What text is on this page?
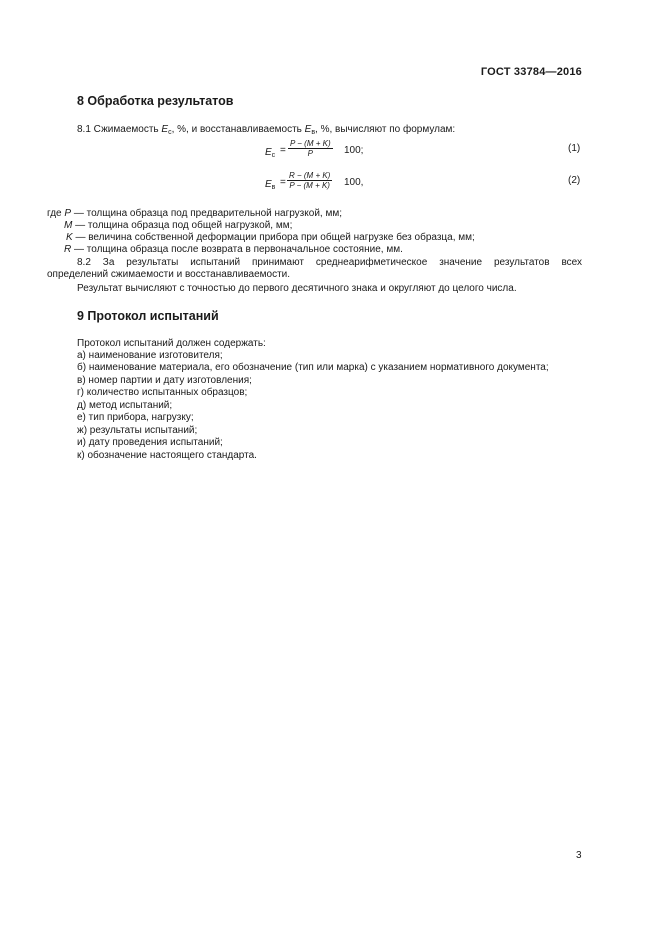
ГОСТ 33784—2016
8 Обработка результатов
8.1 Сжимаемость $E_c$, %, и восстанавливаемость $E_в$, %, вычисляют по формулам:
$E_c = \frac{P - (M + K)}{P} 100$;	(1)
$E_в = \frac{R - (M + K)}{P - (M + K)} 100$,	(2)
где P — толщина образца под предварительной нагрузкой, мм;
M — толщина образца под общей нагрузкой, мм;
K — величина собственной деформации прибора при общей нагрузке без образца, мм;
R — толщина образца после возврата в первоначальное состояние, мм.
8.2 За результаты испытаний принимают среднеарифметическое значение результатов всех
определений сжимаемости и восстанавливаемости.
Результат вычисляют с точностью до первого десятичного знака и округляют до целого числа.
9 Протокол испытаний
Протокол испытаний должен содержать:
а) наименование изготовителя;
б) наименование материала, его обозначение (тип или марка) с указанием нормативного документа;
в) номер партии и дату изготовления;
г) количество испытанных образцов;
д) метод испытаний;
е) тип прибора, нагрузку;
ж) результаты испытаний;
и) дату проведения испытаний;
к) обозначение настоящего стандарта.
3
